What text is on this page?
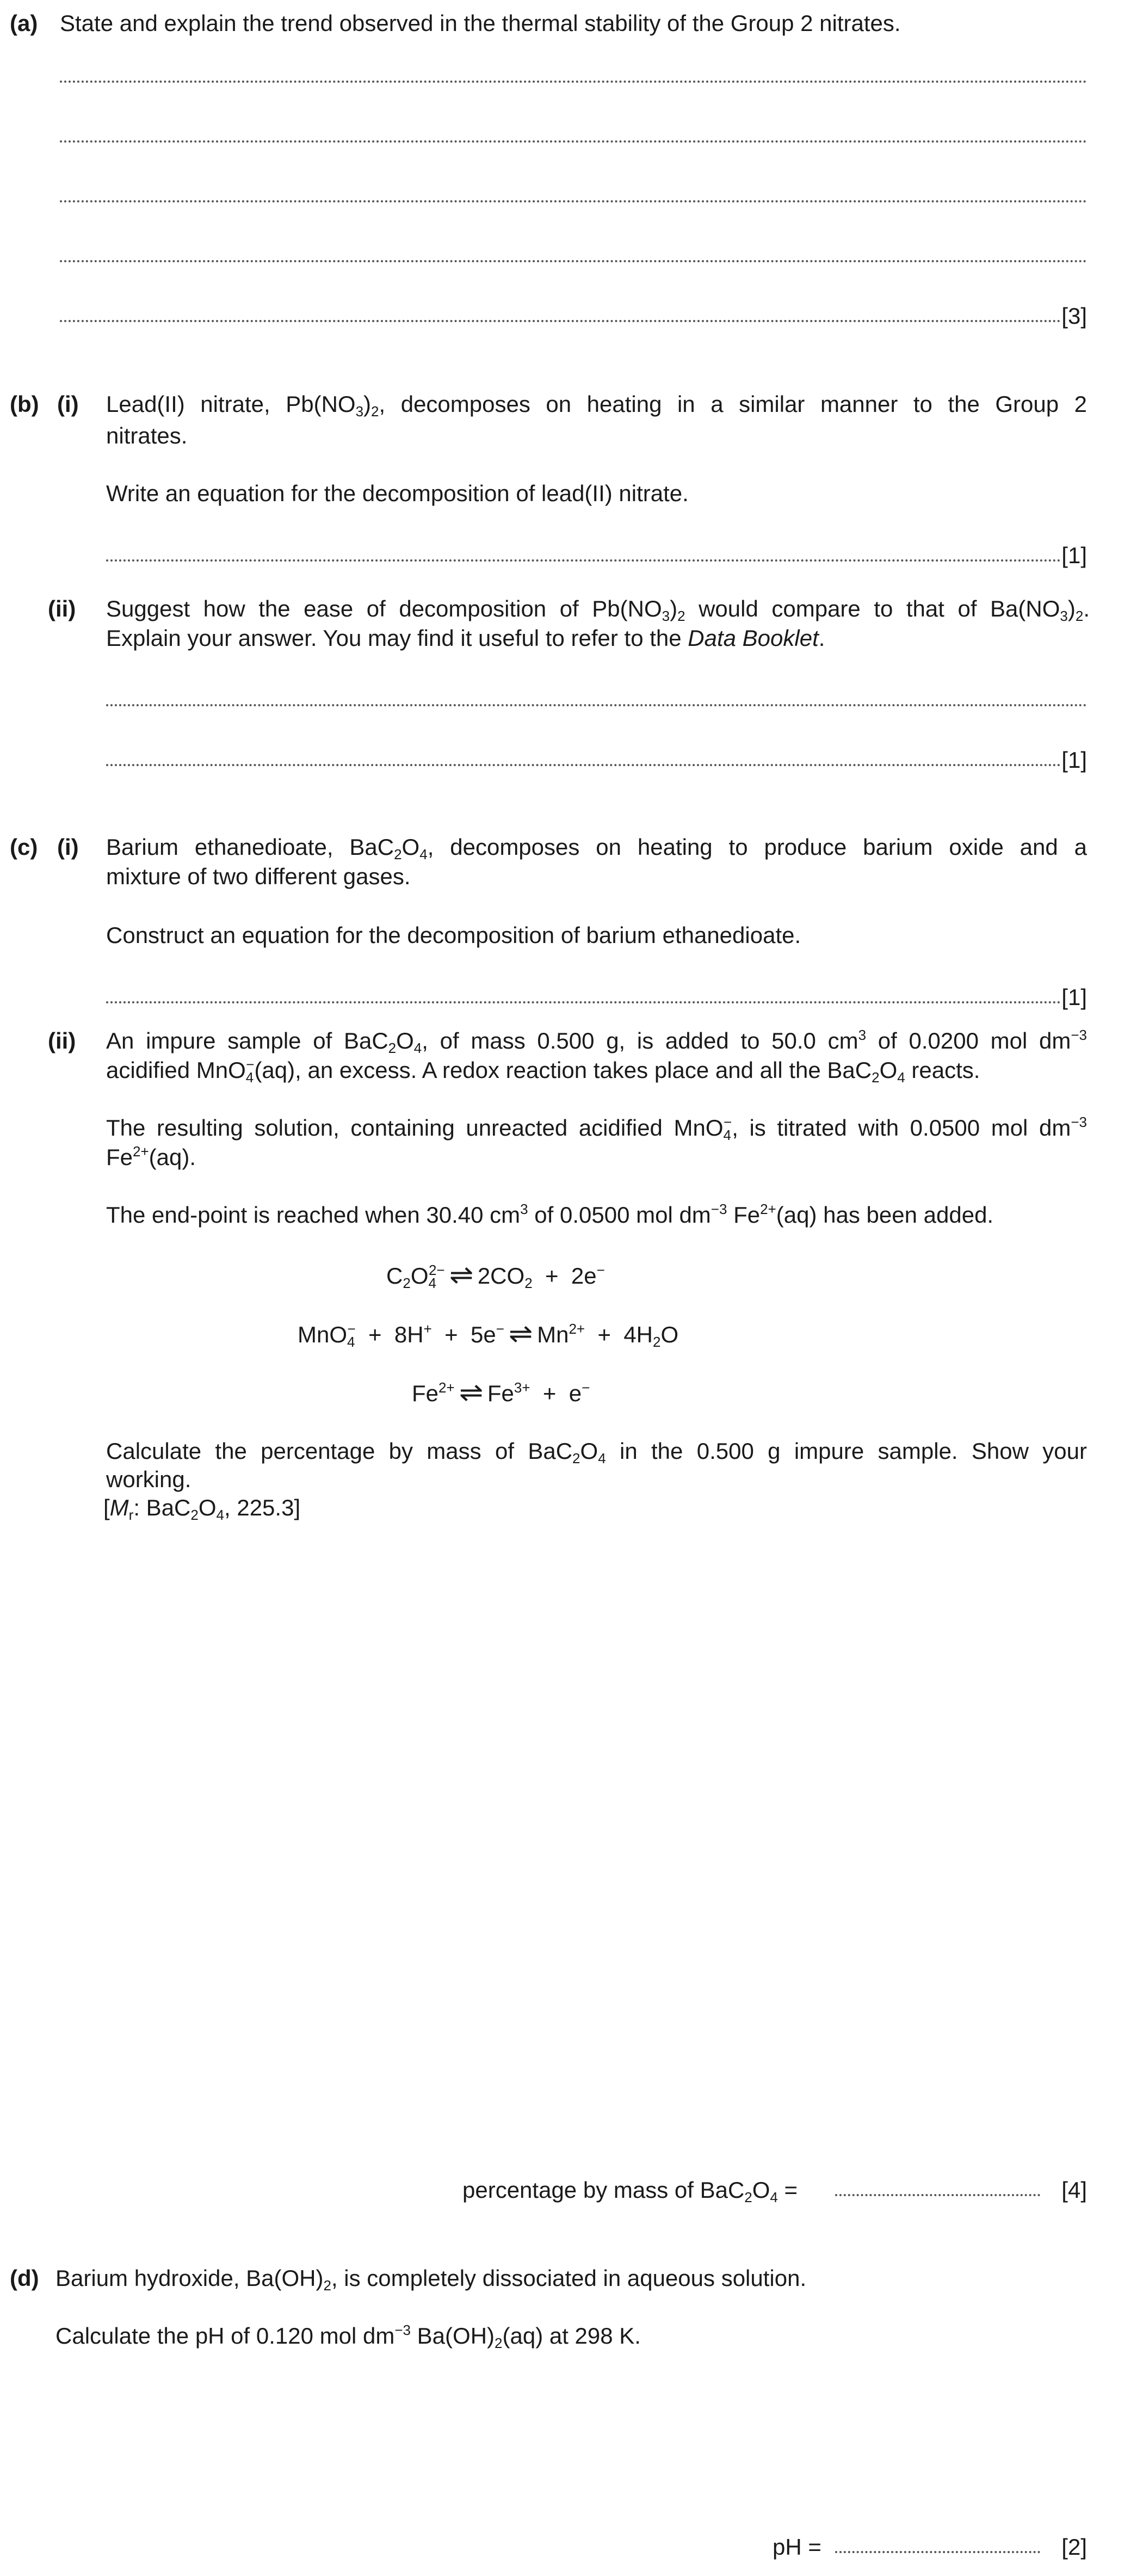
(a) State and explain the trend observed in the thermal stability of the Group 2 nitrates.
[3]
(b) (i) Lead(II) nitrate, $Pb(NO_3)_2$, decomposes on heating in a similar manner to the Group 2
nitrates.
Write an equation for the decomposition of lead(II) nitrate.
[1]
(ii) Suggest how the ease of decomposition of $Pb(NO_3)_2$ would compare to that of $Ba(NO_3)_2$.
Explain your answer. You may find it useful to refer to the Data Booklet.
[1]
(c) (i) Barium ethanedioate, $BaC_2O_4$, decomposes on heating to produce barium oxide and a
mixture of two different gases.
Construct an equation for the decomposition of barium ethanedioate.
[1]
(ii) An impure sample of $BaC_2O_4$, of mass 0.500 g, is added to 50.0 $cm^3$ of 0.0200 mol $dm^{-3}$
acidified MnO$_4$−(aq), an excess. A redox reaction takes place and all the $BaC_2O_4$ reacts.
The resulting solution, containing unreacted acidified MnO$_4$−, is titrated with 0.0500 mol $dm^{-3}$
$Fe^{2+}(aq)$.
The end-point is reached when 30.40 $cm^3$ of 0.0500 mol $dm^{-3}$ $Fe^{2+}(aq)$ has been added.
$C_2O_4^{2-}$ ⇌ $2CO_2 + 2e^-$
MnO$_4$−  +  8H+  +  5e− ⇌ $Mn^{2+} + 4H_2O$
$Fe^{2+}$ ⇌ $Fe^{3+} + e^-$
Calculate the percentage by mass of $BaC_2O_4$ in the 0.500 g impure sample. Show your
working.
[$M_r$: $BaC_2O_4$, 225.3]
percentage by mass of $BaC_2O_4$ =	[4]
(d) Barium hydroxide, $Ba(OH)_2$, is completely dissociated in aqueous solution.
Calculate the pH of 0.120 mol $dm^{-3}$ $Ba(OH)_2(aq)$ at 298 K.
pH =	[2]
